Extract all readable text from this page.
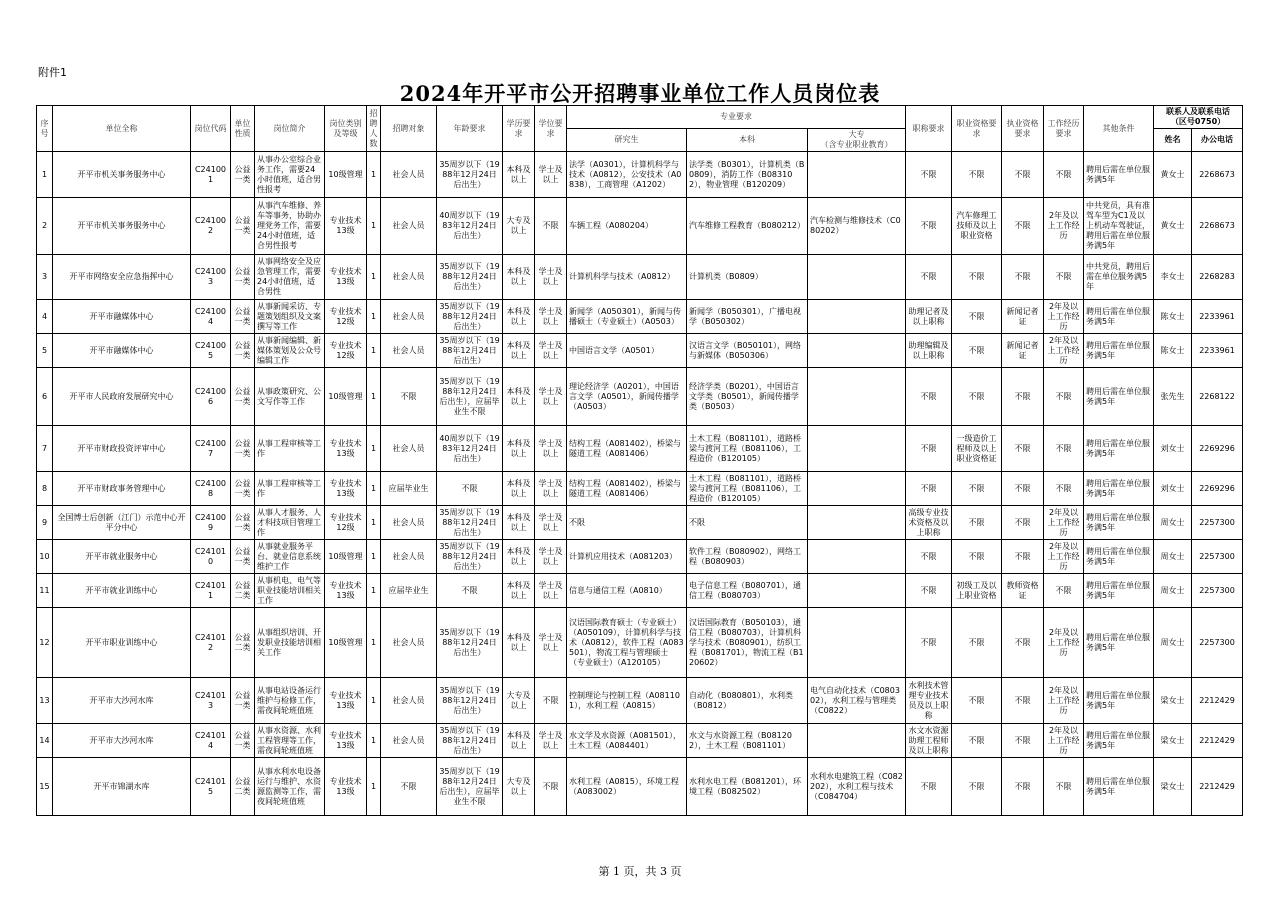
附件1
2024年开平市公开招聘事业单位工作人员岗位表
序号	单位全称	岗位代码	单位性质	岗位简介	岗位类别及等级	招聘人数	招聘对象	年龄要求	学历要求	学位要求	专业要求			职称要求	职业资格要求	执业资格要求	工作经历要求	其他条件	联系人及联系电话
（区号0750）	
											研究生	本科	大专
（含专业职业教育）						姓名	办公电话
1	开平市机关事务服务中心	C241001	公益一类	从事办公室综合业务工作，需要24小时值班，适合男性报考	10级管理	1	社会人员	35周岁以下（1988年12月24日后出生）	本科及以上	学士及以上	法学（A0301），计算机科学与技术（A0812），公安技术（A0838），工商管理（A1202）	法学类（B0301），计算机类（B0809），消防工作（B083102），物业管理（B120209）		不限	不限	不限	不限	聘用后需在单位服务满5年	黄女士	2268673
2	开平市机关事务服务中心	C241002	公益一类	从事汽车维修、养车等事务，协助办理党务工作，需要24小时值班，适合男性报考	专业技术13级	1	社会人员	40周岁以下（1983年12月24日后出生）	大专及以上	不限	车辆工程（A080204）	汽车维修工程教育（B080212）	汽车检测与维修技术（C080202）	不限	汽车修理工技师及以上职业资格	不限	2年及以上工作经历	中共党员，具有准驾车型为C1及以上机动车驾驶证，聘用后需在单位服务满5年	黄女士	2268673
3	开平市网络安全应急指挥中心	C241003	公益一类	从事网络安全及应急管理工作，需要24小时值班，适合男性	专业技术13级	1	社会人员	35周岁以下（1988年12月24日后出生）	本科及以上	学士及以上	计算机科学与技术（A0812）	计算机类（B0809）		不限	不限	不限	不限	中共党员，聘用后需在单位服务满5年	李女士	2268283
4	开平市融媒体中心	C241004	公益一类	从事新闻采访、专题策划组织及文案撰写等工作	专业技术12级	1	社会人员	35周岁以下（1988年12月24日后出生）	本科及以上	学士及以上	新闻学（A050301），新闻与传播硕士（专业硕士）（A0503）	新闻学（B050301），广播电视学（B050302）		助理记者及以上职称	不限	新闻记者证	2年及以上工作经历	聘用后需在单位服务满5年	陈女士	2233961
5	开平市融媒体中心	C241005	公益一类	从事新闻编辑、新媒体策划及公众号编辑工作	专业技术12级	1	社会人员	35周岁以下（1988年12月24日后出生）	本科及以上	学士及以上	中国语言文学（A0501）	汉语言文学（B050101），网络与新媒体（B050306）		助理编辑及以上职称	不限	新闻记者证	2年及以上工作经历	聘用后需在单位服务满5年	陈女士	2233961
6	开平市人民政府发展研究中心	C241006	公益一类	从事政策研究、公文写作等工作	10级管理	1	不限	35周岁以下（1988年12月24日后出生），应届毕业生不限	本科及以上	学士及以上	理论经济学（A0201），中国语言文学（A0501），新闻传播学（A0503）	经济学类（B0201），中国语言文学类（B0501），新闻传播学类（B0503）		不限	不限	不限	不限	聘用后需在单位服务满5年	张先生	2268122
7	开平市财政投资评审中心	C241007	公益一类	从事工程审核等工作	专业技术13级	1	社会人员	40周岁以下（1983年12月24日后出生）	本科及以上	学士及以上	结构工程（A081402），桥梁与隧道工程（A081406）	土木工程（B081101），道路桥梁与渡河工程（B081106），工程造价（B120105）		不限	一级造价工程师及以上职业资格证	不限	不限	聘用后需在单位服务满5年	刘女士	2269296
8	开平市财政事务管理中心	C241008	公益一类	从事工程审核等工作	专业技术13级	1	应届毕业生	不限	本科及以上	学士及以上	结构工程（A081402），桥梁与隧道工程（A081406）	土木工程（B081101），道路桥梁与渡河工程（B081106），工程造价（B120105）		不限	不限	不限	不限	聘用后需在单位服务满5年	刘女士	2269296
9	全国博士后创新（江门）示范中心开平分中心	C241009	公益一类	从事人才服务、人才科技项目管理工作	专业技术12级	1	社会人员	35周岁以下（1988年12月24日后出生）	本科及以上	学士及以上	不限	不限		高级专业技术资格及以上职称	不限	不限	2年及以上工作经历	聘用后需在单位服务满5年	周女士	2257300
10	开平市就业服务中心	C241010	公益一类	从事就业服务平台、就业信息系统维护工作	10级管理	1	社会人员	35周岁以下（1988年12月24日后出生）	本科及以上	学士及以上	计算机应用技术（A081203）	软件工程（B080902），网络工程（B080903）		不限	不限	不限	2年及以上工作经历	聘用后需在单位服务满5年	周女士	2257300
11	开平市就业训练中心	C241011	公益二类	从事机电、电气等职业技能培训相关工作	专业技术13级	1	应届毕业生	不限	本科及以上	学士及以上	信息与通信工程（A0810）	电子信息工程（B080701），通信工程（B080703）		不限	初级工及以上职业资格	教师资格证	不限	聘用后需在单位服务满5年	周女士	2257300
12	开平市职业训练中心	C241012	公益二类	从事组织培训、开发职业技能培训相关工作	10级管理	1	社会人员	35周岁以下（1988年12月24日后出生）	本科及以上	学士及以上	汉语国际教育硕士（专业硕士）（A050109），计算机科学与技术（A0812），软件工程（A083501），物流工程与管理硕士（专业硕士）（A120105）	汉语国际教育（B050103），通信工程（B080703），计算机科学与技术（B080901），纺织工程（B081701），物流工程（B120602）		不限	不限	不限	2年及以上工作经历	聘用后需在单位服务满5年	周女士	2257300
13	开平市大沙河水库	C241013	公益一类	从事电站设备运行维护与检修工作，需夜间轮班值班	专业技术13级	1	社会人员	35周岁以下（1988年12月24日后出生）	大专及以上	不限	控制理论与控制工程（A081101），水利工程（A0815）	自动化（B080801），水利类（B0812）	电气自动化技术（C080302），水利工程与管理类（C0822）	水利技术管理专业技术员及以上职称	不限	不限	2年及以上工作经历	聘用后需在单位服务满5年	梁女士	2212429
14	开平市大沙河水库	C241014	公益一类	从事水资源、水利工程管理等工作，需夜间轮班值班	专业技术13级	1	社会人员	35周岁以下（1988年12月24日后出生）	本科及以上	学士及以上	水文学及水资源（A081501），土木工程（A084401）	水文与水资源工程（B081202），土木工程（B081101）		水文水资源助理工程师及以上职称	不限	不限	2年及以上工作经历	聘用后需在单位服务满5年	梁女士	2212429
15	开平市锦湖水库	C241015	公益二类	从事水利水电设备运行与维护、水资源监测等工作，需夜间轮班值班	专业技术13级	1	不限	35周岁以下（1988年12月24日后出生），应届毕业生不限	大专及以上	不限	水利工程（A0815），环境工程（A083002）	水利水电工程（B081201），环境工程（B082502）	水利水电建筑工程（C082202），水利工程与技术（C084704）	不限	不限	不限	不限	聘用后需在单位服务满5年	梁女士	2212429
第 1 页，共 3 页
